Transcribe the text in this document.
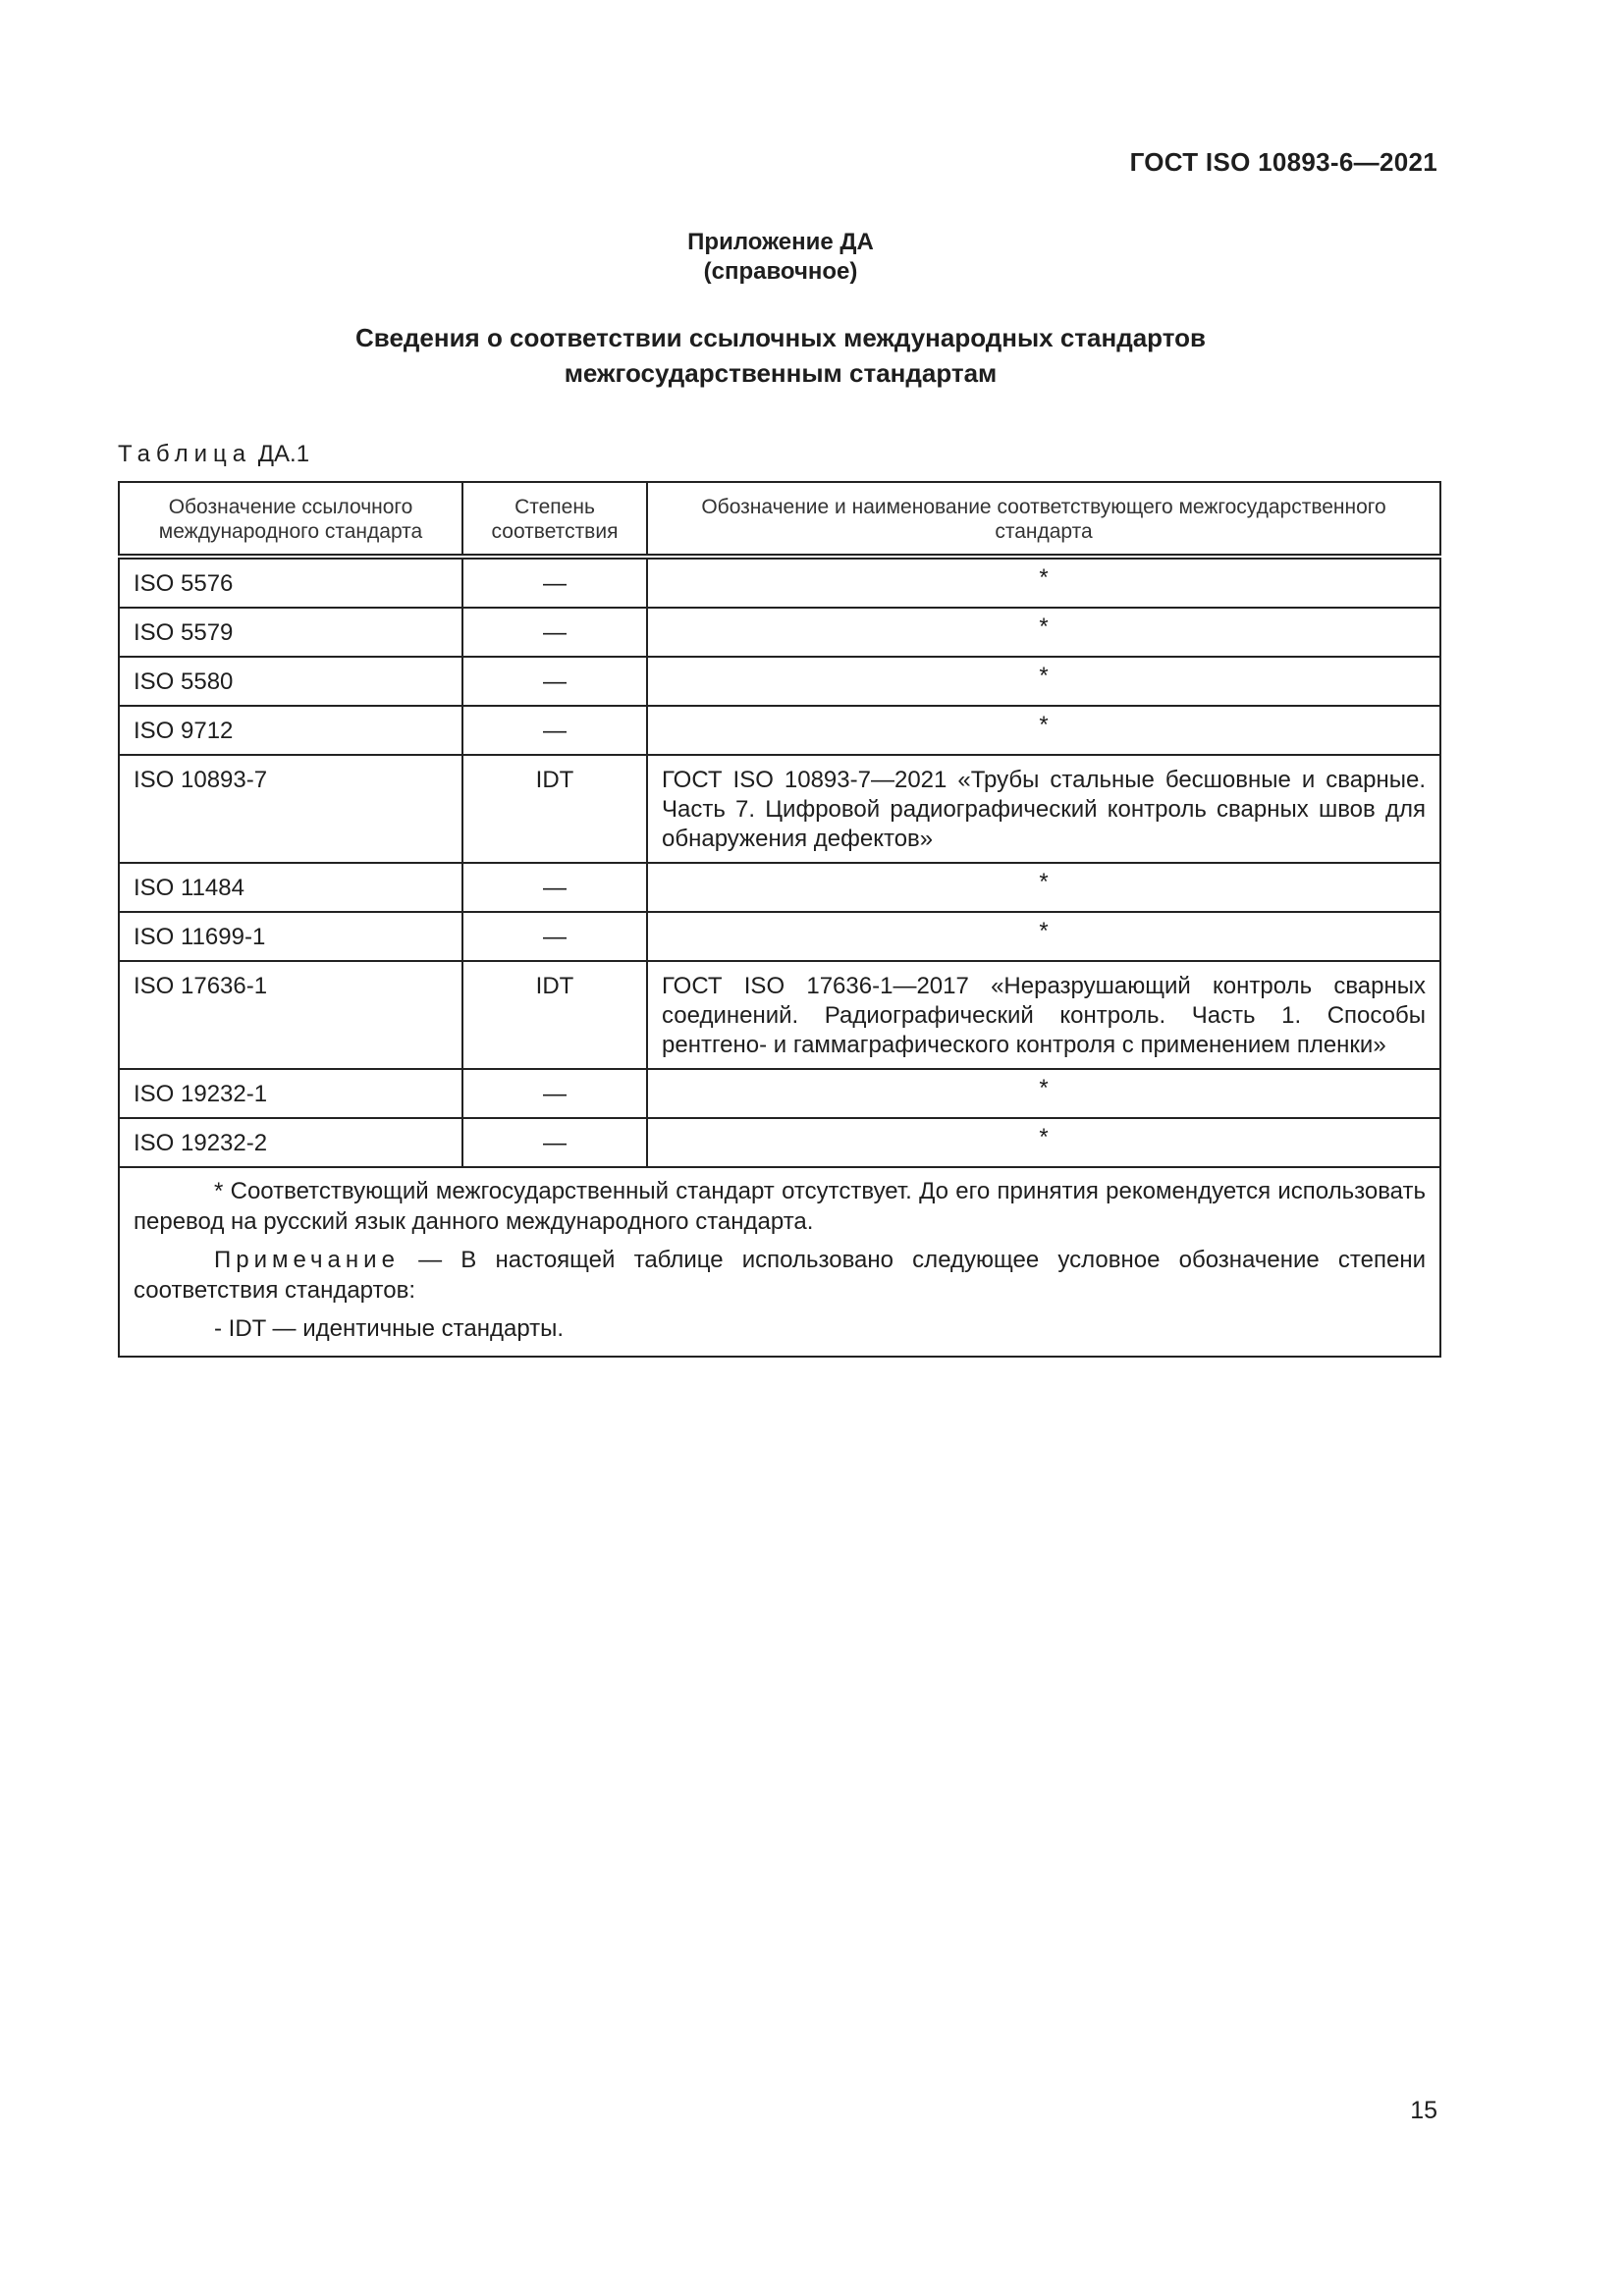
ГОСТ ISO 10893-6—2021
Приложение ДА
(справочное)
Сведения о соответствии ссылочных международных стандартов
межгосударственным стандартам
Таблица ДА.1
Обозначение ссылочного международного стандарта	Степень соответствия	Обозначение и наименование соответствующего межгосударственного стандарта
ISO 5576	—	*
ISO 5579	—	*
ISO 5580	—	*
ISO 9712	—	*
ISO 10893-7	IDT	ГОСТ ISO 10893-7—2021 «Трубы стальные бесшовные и сварные. Часть 7. Цифровой радиографический контроль сварных швов для обнаружения дефектов»
ISO 11484	—	*
ISO 11699-1	—	*
ISO 17636-1	IDT	ГОСТ ISO 17636-1—2017 «Неразрушающий контроль сварных соединений. Радиографический контроль. Часть 1. Способы рентгено- и гаммаграфического контроля с применением пленки»
ISO 19232-1	—	*
ISO 19232-2	—	*

* Соответствующий межгосударственный стандарт отсутствует. До его принятия рекомендуется использовать перевод на русский язык данного международного стандарта.

Примечание — В настоящей таблице использовано следующее условное обозначение степени соответствия стандартов:

- IDT — идентичные стандарты.		

15
